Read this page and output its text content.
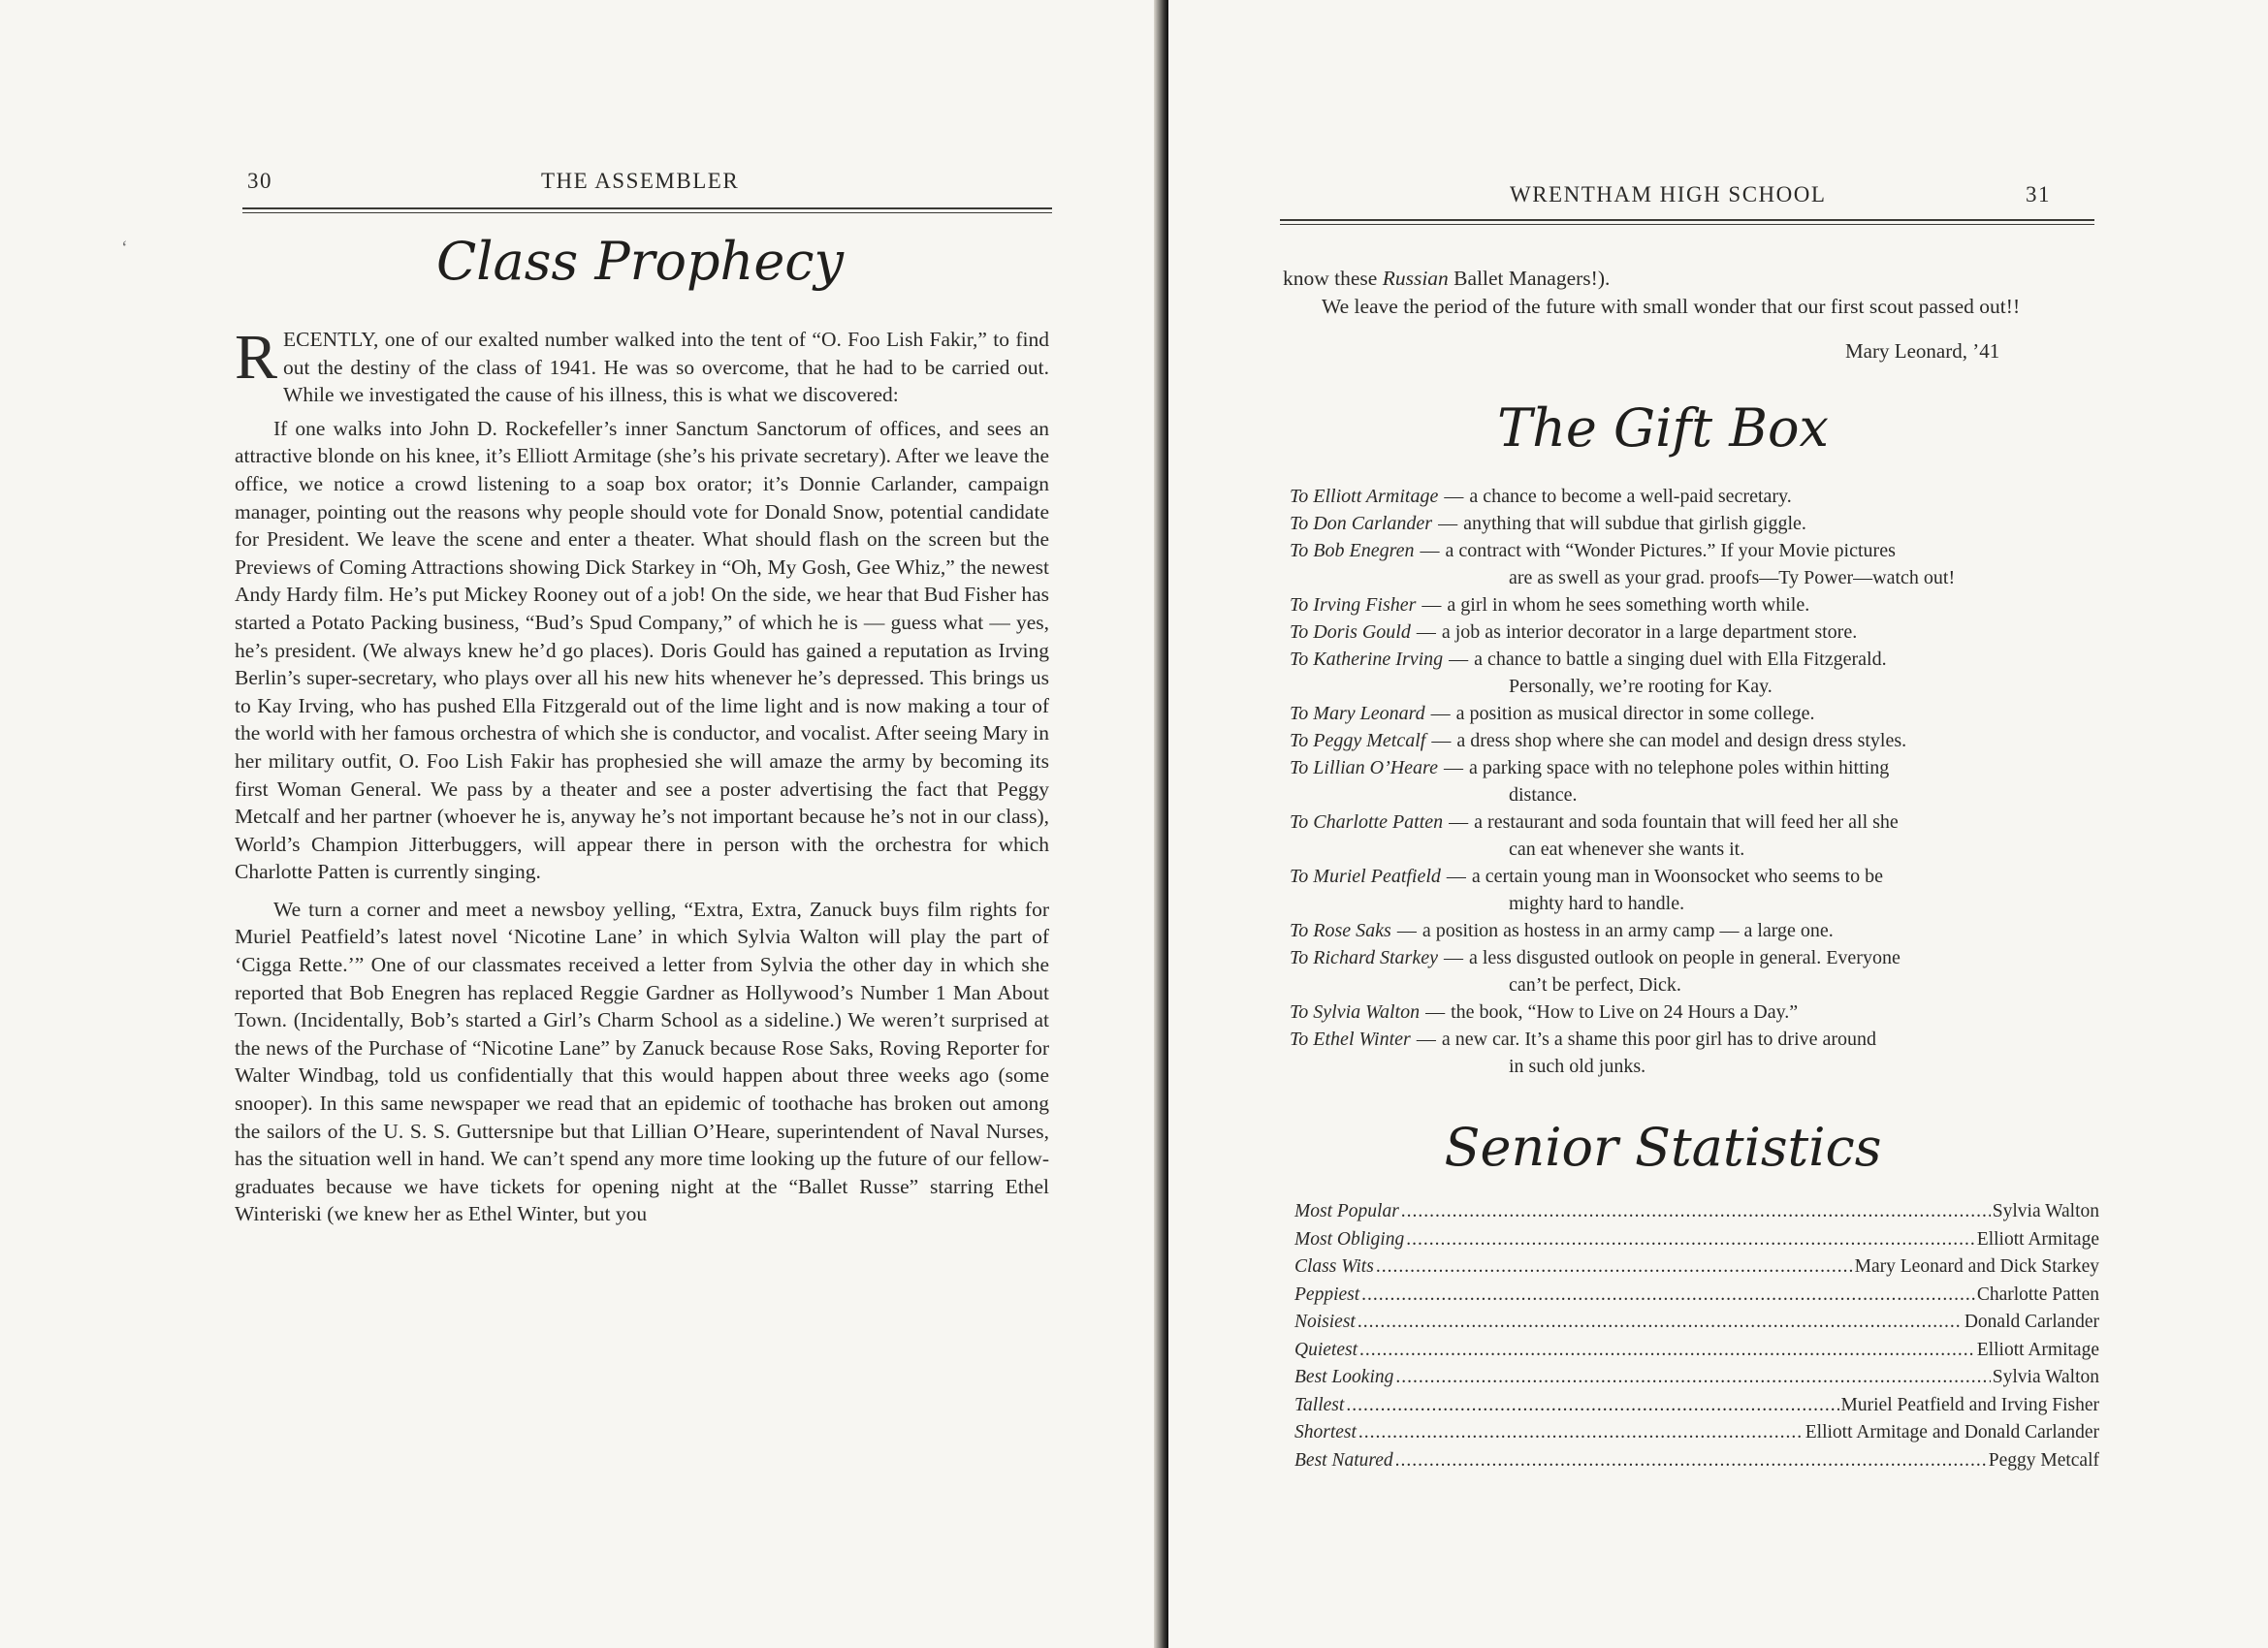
30	THE ASSEMBLER
Class Prophecy

RECENTLY, one of our exalted number walked into the tent of “O. Foo Lish Fakir,” to find out the destiny of the class of 1941. He was so overcome, that he had to be carried out. While we investigated the cause of his illness, this is what we discovered:

If one walks into John D. Rockefeller’s inner Sanctum Sanctorum of offices, and sees an attractive blonde on his knee, it’s Elliott Armitage (she’s his private secretary). After we leave the office, we notice a crowd listening to a soap box orator; it’s Donnie Carlander, campaign manager, pointing out the reasons why people should vote for Donald Snow, potential candidate for President. We leave the scene and enter a theater. What should flash on the screen but the Previews of Coming Attractions showing Dick Starkey in “Oh, My Gosh, Gee Whiz,” the newest Andy Hardy film. He’s put Mickey Rooney out of a job! On the side, we hear that Bud Fisher has started a Potato Packing business, “Bud’s Spud Company,” of which he is — guess what — yes, he’s president. (We always knew he’d go places). Doris Gould has gained a reputation as Irving Berlin’s super-secretary, who plays over all his new hits whenever he’s depressed. This brings us to Kay Irving, who has pushed Ella Fitzgerald out of the lime light and is now making a tour of the world with her famous orchestra of which she is conductor, and vocalist. After seeing Mary in her military outfit, O. Foo Lish Fakir has prophesied she will amaze the army by becoming its first Woman General. We pass by a theater and see a poster advertising the fact that Peggy Metcalf and her partner (whoever he is, anyway he’s not important because he’s not in our class), World’s Champion Jitterbuggers, will appear there in person with the orchestra for which Charlotte Patten is currently singing.

We turn a corner and meet a newsboy yelling, “Extra, Extra, Zanuck buys film rights for Muriel Peatfield’s latest novel ‘Nicotine Lane’ in which Sylvia Walton will play the part of ‘Cigga Rette.’” One of our classmates received a letter from Sylvia the other day in which she reported that Bob Enegren has replaced Reggie Gardner as Hollywood’s Number 1 Man About Town. (Incidentally, Bob’s started a Girl’s Charm School as a sideline.) We weren’t surprised at the news of the Purchase of “Nicotine Lane” by Zanuck because Rose Saks, Roving Reporter for Walter Windbag, told us confidentially that this would happen about three weeks ago (some snooper). In this same newspaper we read that an epidemic of toothache has broken out among the sailors of the U. S. S. Guttersnipe but that Lillian O’Heare, superintendent of Naval Nurses, has the situation well in hand. We can’t spend any more time looking up the future of our fellow-graduates because we have tickets for opening night at the “Ballet Russe” starring Ethel Winteriski (we knew her as Ethel Winter, but you

‘
WRENTHAM HIGH SCHOOL	31

know these Russian Ballet Managers!).

We leave the period of the future with small wonder that our first scout passed out!!

Mary Leonard, ’41
The Gift Box
To Elliott Armitage — a chance to become a well-paid secretary.
To Don Carlander — anything that will subdue that girlish giggle.
To Bob Enegren — a contract with “Wonder Pictures.” If your Movie pictures
are as swell as your grad. proofs—Ty Power—watch out!
To Irving Fisher — a girl in whom he sees something worth while.
To Doris Gould — a job as interior decorator in a large department store.
To Katherine Irving — a chance to battle a singing duel with Ella Fitzgerald.
Personally, we’re rooting for Kay.
To Mary Leonard — a position as musical director in some college.
To Peggy Metcalf — a dress shop where she can model and design dress styles.
To Lillian O’Heare — a parking space with no telephone poles within hitting
distance.
To Charlotte Patten — a restaurant and soda fountain that will feed her all she
can eat whenever she wants it.
To Muriel Peatfield — a certain young man in Woonsocket who seems to be
mighty hard to handle.
To Rose Saks — a position as hostess in an army camp — a large one.
To Richard Starkey — a less disgusted outlook on people in general. Everyone
can’t be perfect, Dick.
To Sylvia Walton — the book, “How to Live on 24 Hours a Day.”
To Ethel Winter — a new car. It’s a shame this poor girl has to drive around
in such old junks.
Senior Statistics
Most Popular .....	Sylvia Walton
Most Obliging .....	Elliott Armitage
Class Wits .....	Mary Leonard and Dick Starkey
Peppiest .....	Charlotte Patten
Noisiest .....	Donald Carlander
Quietest .....	Elliott Armitage
Best Looking .....	Sylvia Walton
Tallest .....	Muriel Peatfield and Irving Fisher
Shortest .....	Elliott Armitage and Donald Carlander
Best Natured .....	Peggy Metcalf
